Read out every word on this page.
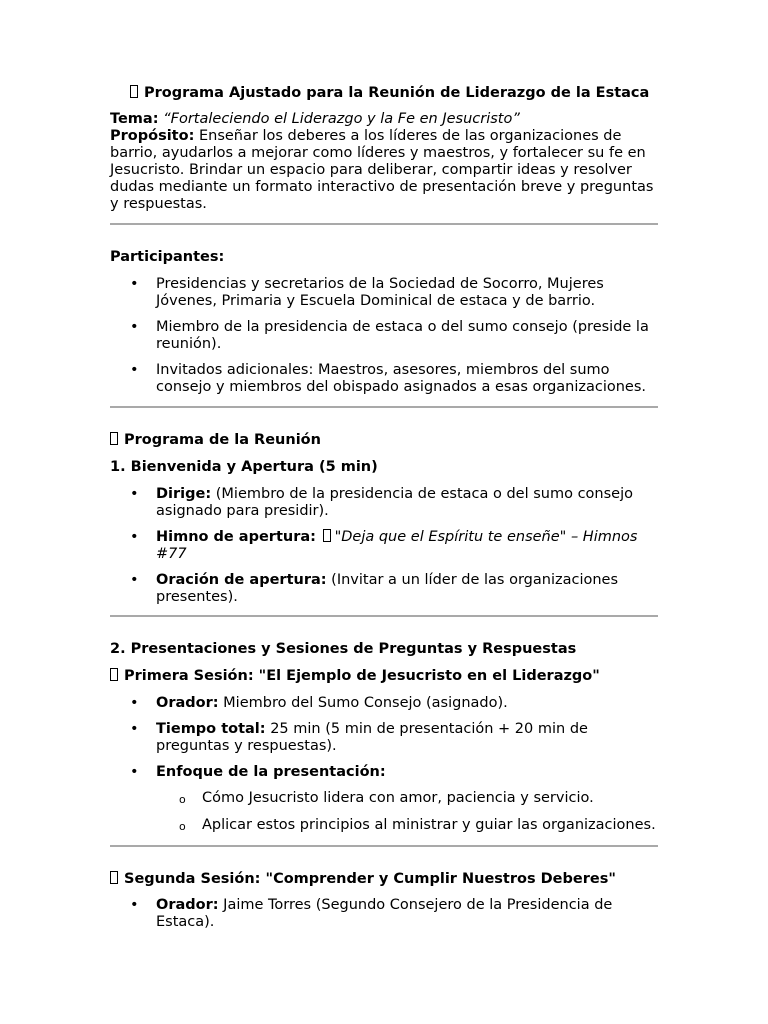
Programa Ajustado para la Reunión de Liderazgo de la Estaca
Tema: “Fortaleciendo el Liderazgo y la Fe en Jesucristo”
Propósito: Enseñar los deberes a los líderes de las organizaciones de barrio, ayudarlos a mejorar como líderes y maestros, y fortalecer su fe en Jesucristo. Brindar un espacio para deliberar, compartir ideas y resolver dudas mediante un formato interactivo de presentación breve y preguntas y respuestas.
Participantes:
• Presidencias y secretarios de la Sociedad de Socorro, Mujeres Jóvenes, Primaria y Escuela Dominical de estaca y de barrio.
• Miembro de la presidencia de estaca o del sumo consejo (preside la reunión).
• Invitados adicionales: Maestros, asesores, miembros del sumo consejo y miembros del obispado asignados a esas organizaciones.
Programa de la Reunión
1. Bienvenida y Apertura (5 min)
• Dirige: (Miembro de la presidencia de estaca o del sumo consejo asignado para presidir).
• Himno de apertura: "Deja que el Espíritu te enseñe" – Himnos #77
• Oración de apertura: (Invitar a un líder de las organizaciones presentes).
2. Presentaciones y Sesiones de Preguntas y Respuestas
Primera Sesión: "El Ejemplo de Jesucristo en el Liderazgo"
• Orador: Miembro del Sumo Consejo (asignado).
• Tiempo total: 25 min (5 min de presentación + 20 min de preguntas y respuestas).
• Enfoque de la presentación:
o Cómo Jesucristo lidera con amor, paciencia y servicio.
o Aplicar estos principios al ministrar y guiar las organizaciones.
Segunda Sesión: "Comprender y Cumplir Nuestros Deberes"
• Orador: Jaime Torres (Segundo Consejero de la Presidencia de Estaca).
